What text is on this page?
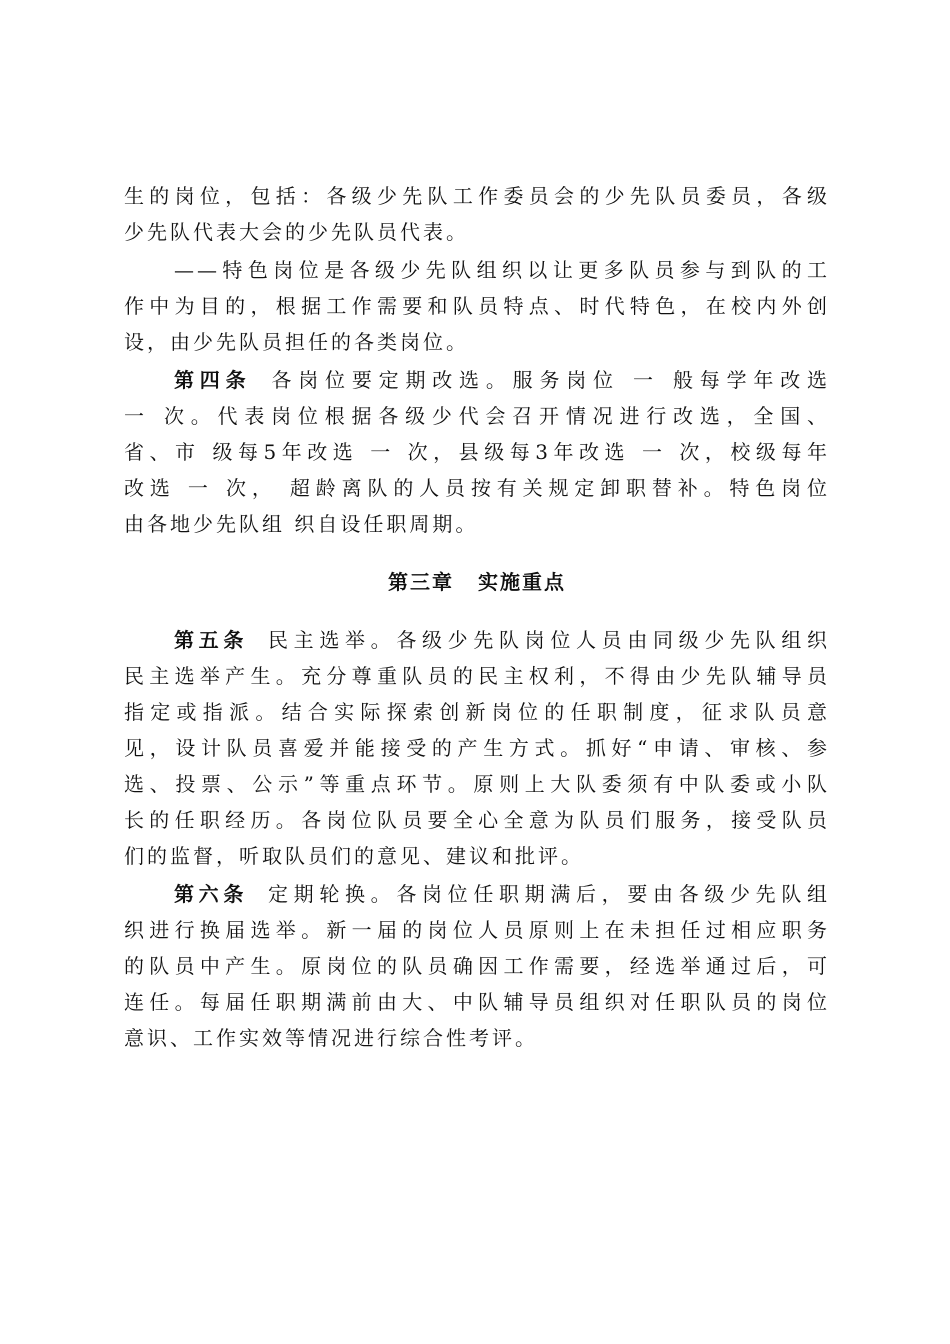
生的岗位，包括：各级少先队工作委员会的少先队员委员，各级
少先队代表大会的少先队员代表。
——特色岗位是各级少先队组织以让更多队员参与到队的工
作中为目的，根据工作需要和队员特点、时代特色，在校内外创
设，由少先队员担任的各类岗位。
第四条 各岗位要定期改选。服务岗位 一 般每学年改选
一 次。代表岗位根据各级少代会召开情况进行改选，全国、
省、市 级每5年改选 一 次，县级每3年改选 一 次，校级每年
改选 一 次， 超龄离队的人员按有关规定卸职替补。特色岗位
由各地少先队组 织自设任职周期。
第三章 实施重点
第五条 民主选举。各级少先队岗位人员由同级少先队组织
民主选举产生。充分尊重队员的民主权利，不得由少先队辅导员
指定或指派。结合实际探索创新岗位的任职制度，征求队员意
见，设计队员喜爱并能接受的产生方式。抓好“申请、审核、参
选、投票、公示”等重点环节。原则上大队委须有中队委或小队
长的任职经历。各岗位队员要全心全意为队员们服务，接受队员
们的监督，听取队员们的意见、建议和批评。
第六条 定期轮换。各岗位任职期满后，要由各级少先队组
织进行换届选举。新一届的岗位人员原则上在未担任过相应职务
的队员中产生。原岗位的队员确因工作需要，经选举通过后，可
连任。每届任职期满前由大、中队辅导员组织对任职队员的岗位
意识、工作实效等情况进行综合性考评。
